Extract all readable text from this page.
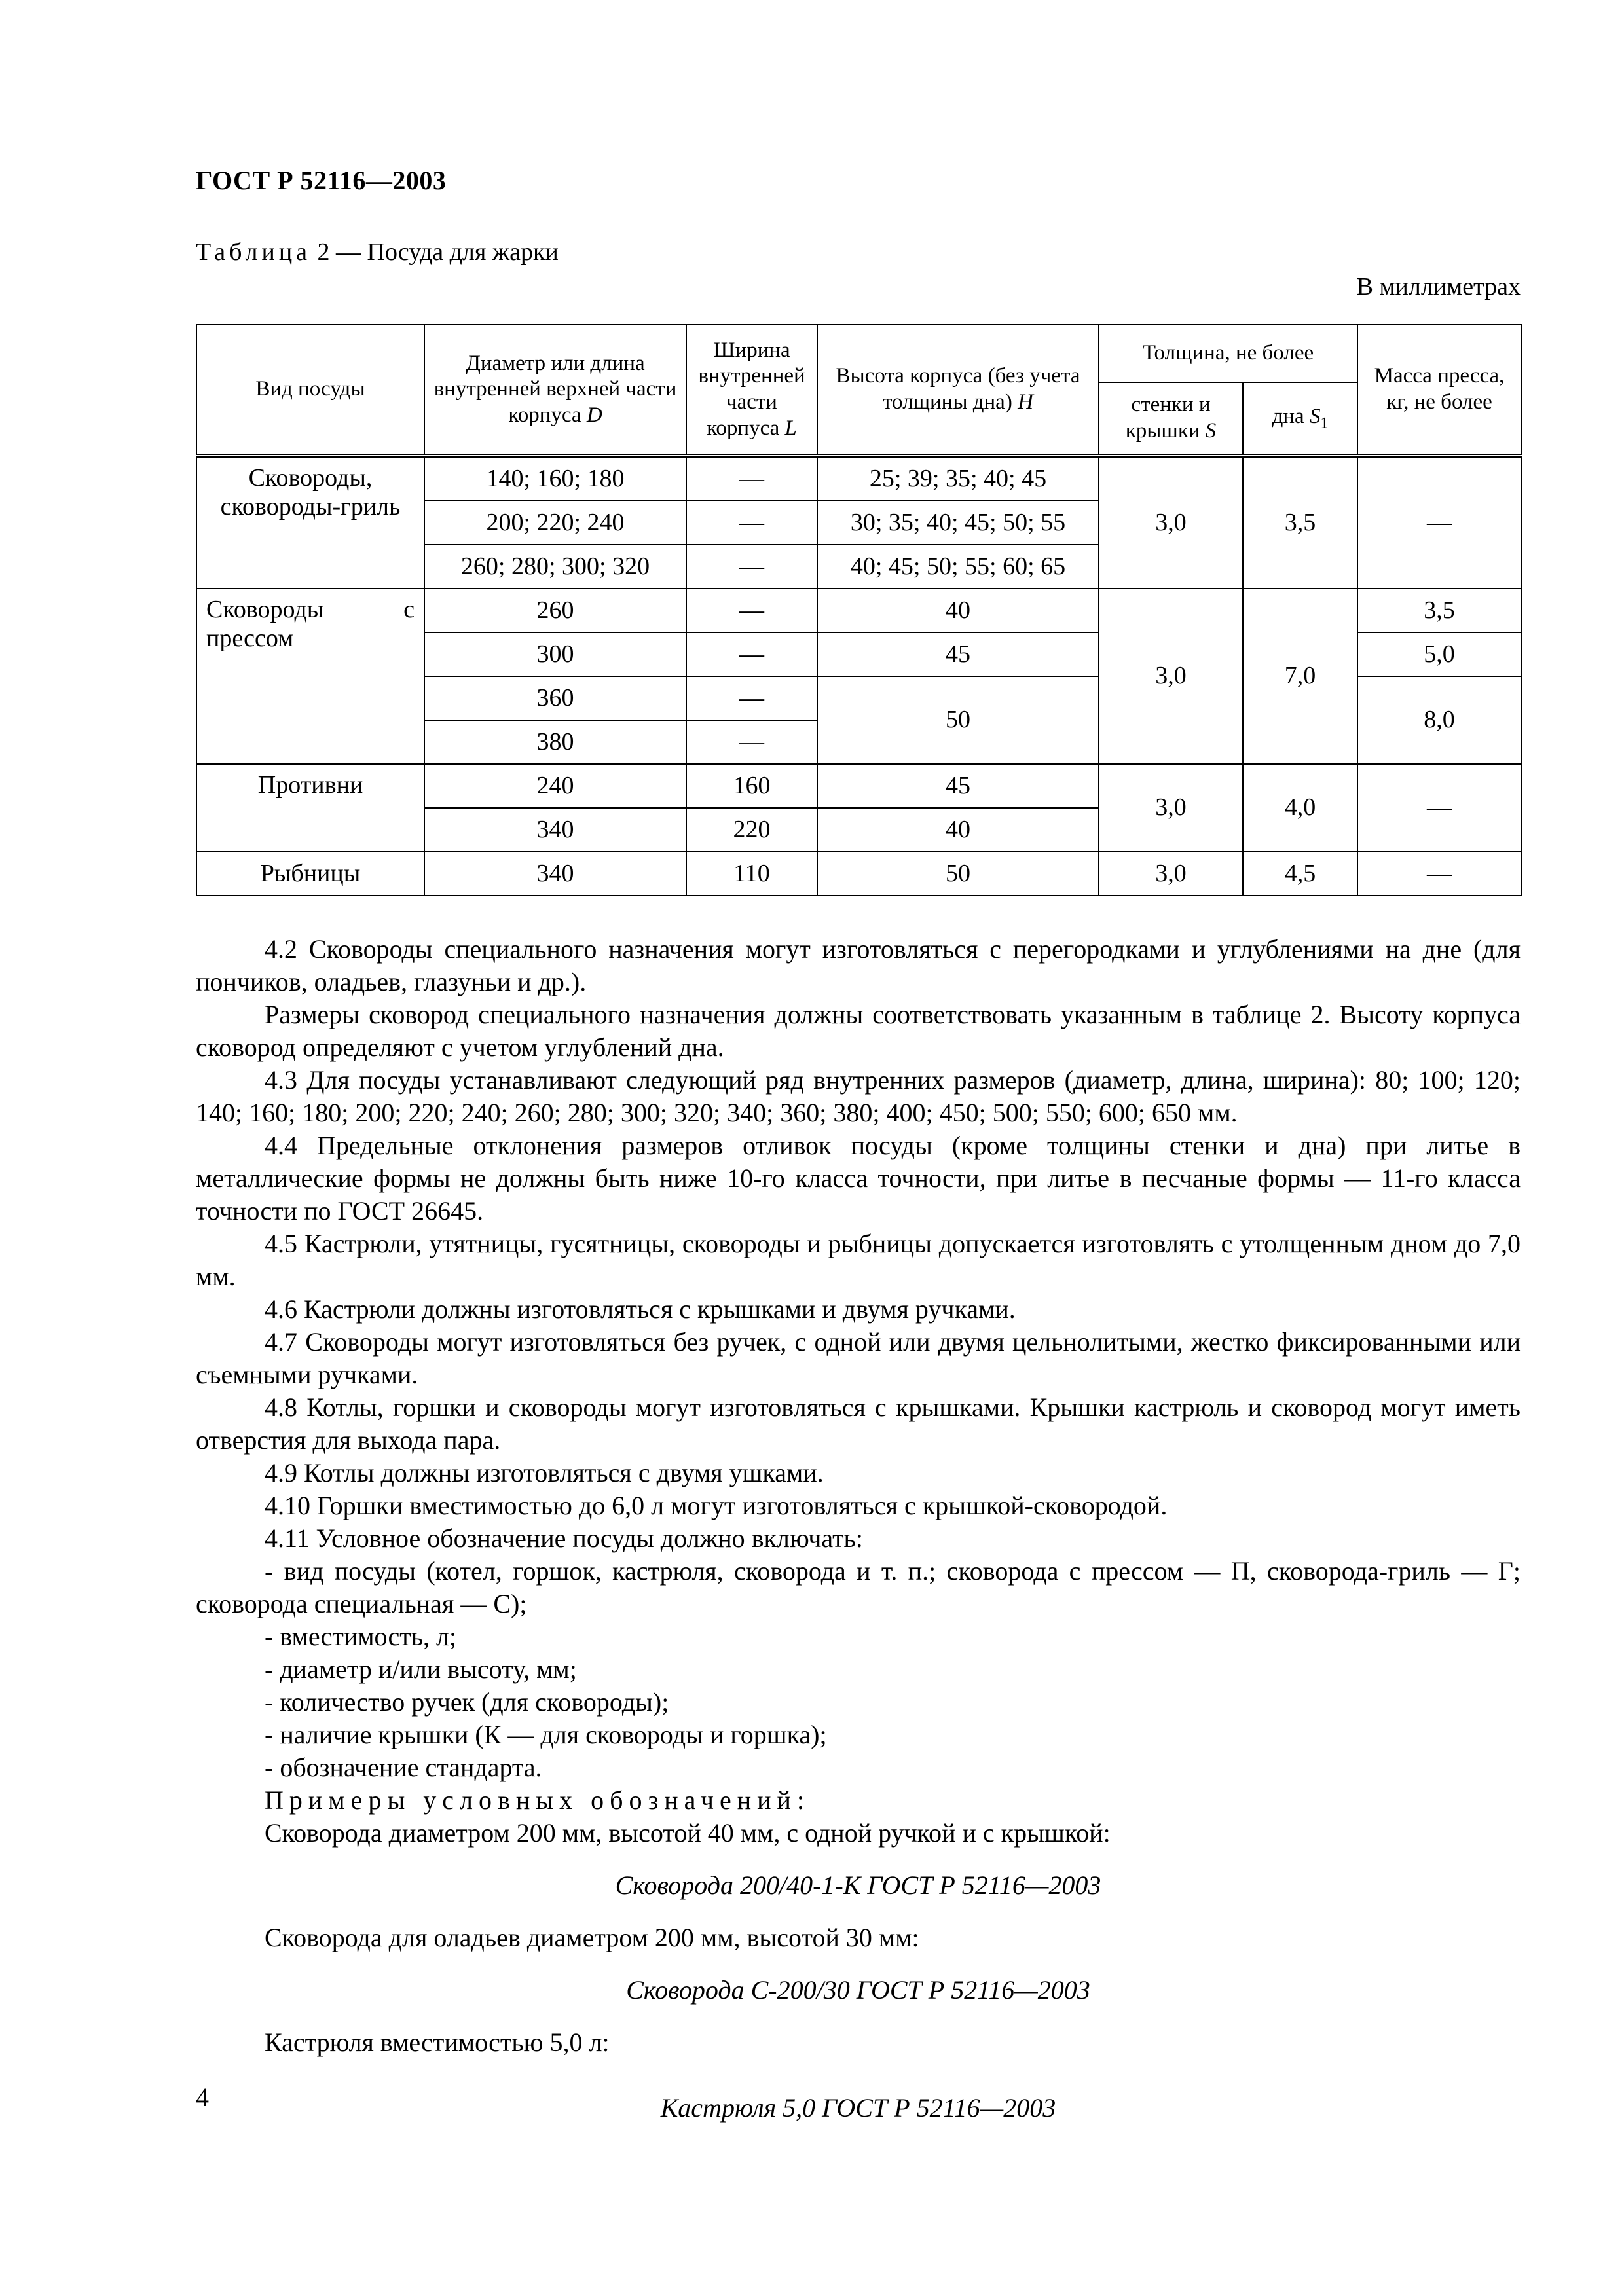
ГОСТ Р 52116—2003
Таблица 2 — Посуда для жарки
В миллиметрах
Вид посуды	Диаметр или длина внутренней верхней части корпуса D	Ширина внутренней части корпуса L	Высота корпуса (без учета толщины дна) H	Толщина, не более		Масса пресса, кг, не более
				стенки и крышки S	дна $S_1$
Сковороды, сковороды-гриль	140; 160; 180	—	25; 39; 35; 40; 45	3,0	3,5	—
	200; 220; 240	—	30; 35; 40; 45; 50; 55			
	260; 280; 300; 320	—	40; 45; 50; 55; 60; 65			
Сковороды с прессом	260	—	40	3,0	7,0	3,5
	300	—	45			5,0
	360	—	50			8,0
	380	—				
Противни	240	160	45	3,0	4,0	—
	340	220	40			
Рыбницы	340	110	50	3,0	4,5	—

4.2 Сковороды специального назначения могут изготовляться с перегородками и углублениями на дне (для пончиков, оладьев, глазуньи и др.).

Размеры сковород специального назначения должны соответствовать указанным в таблице 2. Высоту корпуса сковород определяют с учетом углублений дна.

4.3 Для посуды устанавливают следующий ряд внутренних размеров (диаметр, длина, ширина): 80; 100; 120; 140; 160; 180; 200; 220; 240; 260; 280; 300; 320; 340; 360; 380; 400; 450; 500; 550; 600; 650 мм.

4.4 Предельные отклонения размеров отливок посуды (кроме толщины стенки и дна) при литье в металлические формы не должны быть ниже 10-го класса точности, при литье в песчаные формы — 11-го класса точности по ГОСТ 26645.

4.5 Кастрюли, утятницы, гусятницы, сковороды и рыбницы допускается изготовлять с утолщенным дном до 7,0 мм.

4.6 Кастрюли должны изготовляться с крышками и двумя ручками.

4.7 Сковороды могут изготовляться без ручек, с одной или двумя цельнолитыми, жестко фиксированными или съемными ручками.

4.8 Котлы, горшки и сковороды могут изготовляться с крышками. Крышки кастрюль и сковород могут иметь отверстия для выхода пара.

4.9 Котлы должны изготовляться с двумя ушками.

4.10 Горшки вместимостью до 6,0 л могут изготовляться с крышкой-сковородой.

4.11 Условное обозначение посуды должно включать:

- вид посуды (котел, горшок, кастрюля, сковорода и т. п.; сковорода с прессом — П, сковорода-гриль — Г; сковорода специальная — С);

- вместимость, л;

- диаметр и/или высоту, мм;

- количество ручек (для сковороды);

- наличие крышки (К — для сковороды и горшка);

- обозначение стандарта.

Примеры условных обозначений:

Сковорода диаметром 200 мм, высотой 40 мм, с одной ручкой и с крышкой:

Сковорода 200/40-1-К ГОСТ Р 52116—2003

Сковорода для оладьев диаметром 200 мм, высотой 30 мм:

Сковорода С-200/30 ГОСТ Р 52116—2003

Кастрюля вместимостью 5,0 л:

Кастрюля 5,0 ГОСТ Р 52116—2003

4
